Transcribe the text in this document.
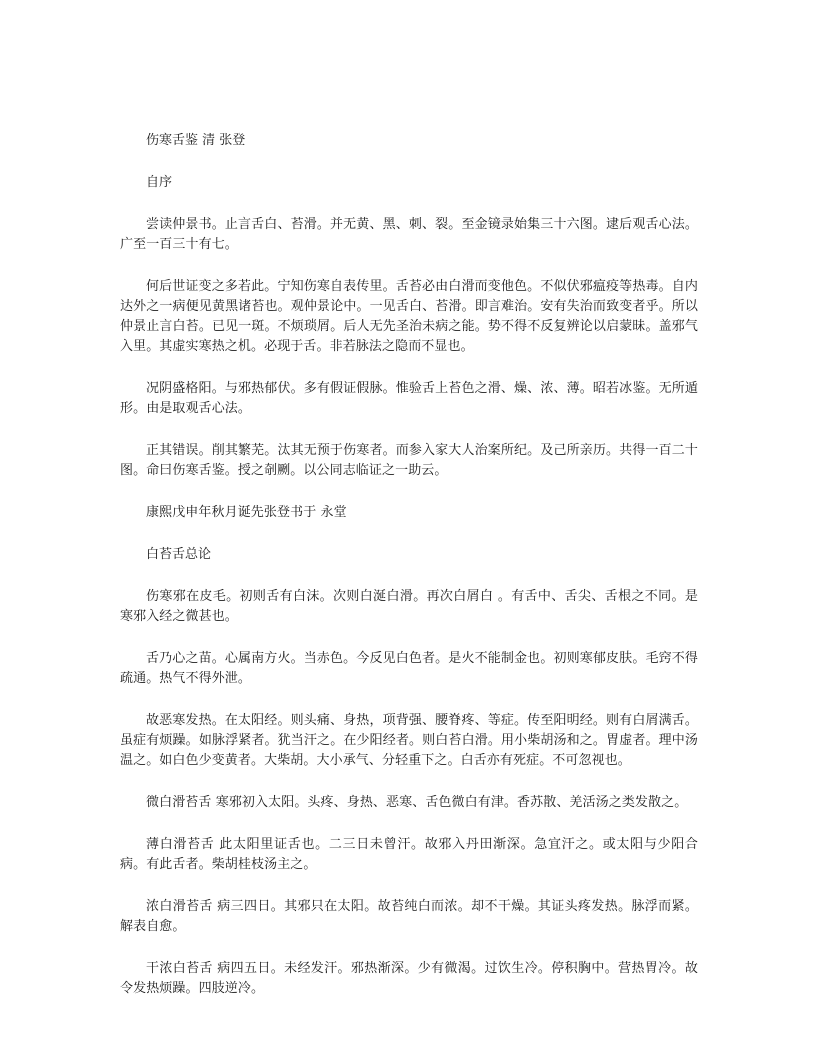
伤寒舌鉴 清 张登

自序

尝读仲景书。止言舌白、苔滑。并无黄、黑、刺、裂。至金镜录始集三十六图。逮后观舌心法。广至一百三十有七。

何后世证变之多若此。宁知伤寒自表传里。舌苔必由白滑而变他色。不似伏邪瘟疫等热毒。自内达外之一病便见黄黑诸苔也。观仲景论中。一见舌白、苔滑。即言难治。安有失治而致变者乎。所以仲景止言白苔。已见一斑。不烦琐屑。后人无先圣治未病之能。势不得不反复辨论以启蒙昧。盖邪气入里。其虚实寒热之机。必现于舌。非若脉法之隐而不显也。

况阴盛格阳。与邪热郁伏。多有假证假脉。惟验舌上苔色之滑、燥、浓、薄。昭若冰鉴。无所遁形。由是取观舌心法。

正其错误。削其繁芜。汰其无预于伤寒者。而参入家大人治案所纪。及己所亲历。共得一百二十图。命曰伤寒舌鉴。授之剞劂。以公同志临证之一助云。

康熙戊申年秋月诞先张登书于 永堂

白苔舌总论

伤寒邪在皮毛。初则舌有白沫。次则白涎白滑。再次白屑白 。有舌中、舌尖、舌根之不同。是寒邪入经之微甚也。

舌乃心之苗。心属南方火。当赤色。今反见白色者。是火不能制金也。初则寒郁皮肤。毛窍不得疏通。热气不得外泄。

故恶寒发热。在太阳经。则头痛、身热，项背强、腰脊疼、等症。传至阳明经。则有白屑满舌。虽症有烦躁。如脉浮紧者。犹当汗之。在少阳经者。则白苔白滑。用小柴胡汤和之。胃虚者。理中汤温之。如白色少变黄者。大柴胡。大小承气、分轻重下之。白舌亦有死症。不可忽视也。

微白滑苔舌 寒邪初入太阳。头疼、身热、恶寒、舌色微白有津。香苏散、羌活汤之类发散之。

薄白滑苔舌 此太阳里证舌也。二三日未曾汗。故邪入丹田渐深。急宜汗之。或太阳与少阳合病。有此舌者。柴胡桂枝汤主之。

浓白滑苔舌 病三四日。其邪只在太阳。故苔纯白而浓。却不干燥。其证头疼发热。脉浮而紧。解表自愈。

干浓白苔舌 病四五日。未经发汗。邪热渐深。少有微渴。过饮生冷。停积胸中。营热胃冷。故令发热烦躁。四肢逆冷。
